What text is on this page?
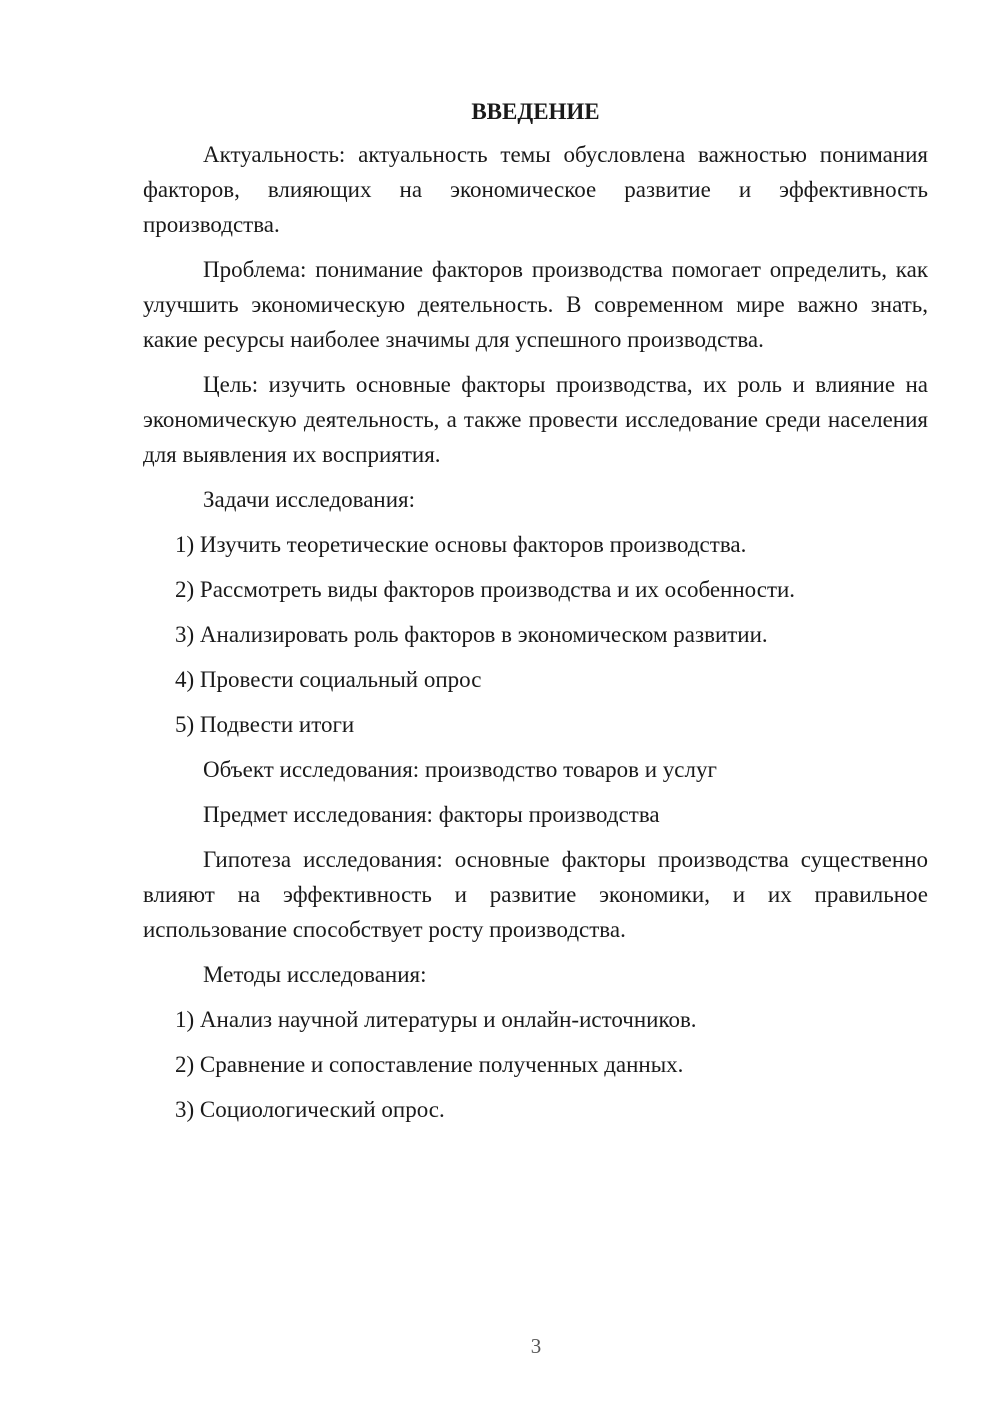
ВВЕДЕНИЕ
Актуальность: актуальность темы обусловлена важностью понимания факторов, влияющих на экономическое развитие и эффективность производства.
Проблема: понимание факторов производства помогает определить, как улучшить экономическую деятельность. В современном мире важно знать, какие ресурсы наиболее значимы для успешного производства.
Цель: изучить основные факторы производства, их роль и влияние на экономическую деятельность, а также провести исследование среди населения для выявления их восприятия.
Задачи исследования:
1) Изучить теоретические основы факторов производства.
2) Рассмотреть виды факторов производства и их особенности.
3) Анализировать роль факторов в экономическом развитии.
4) Провести социальный опрос
5) Подвести итоги
Объект исследования: производство товаров и услуг
Предмет исследования: факторы производства
Гипотеза исследования: основные факторы производства существенно влияют на эффективность и развитие экономики, и их правильное использование способствует росту производства.
Методы исследования:
1) Анализ научной литературы и онлайн-источников.
2) Сравнение и сопоставление полученных данных.
3) Социологический опрос.
3
